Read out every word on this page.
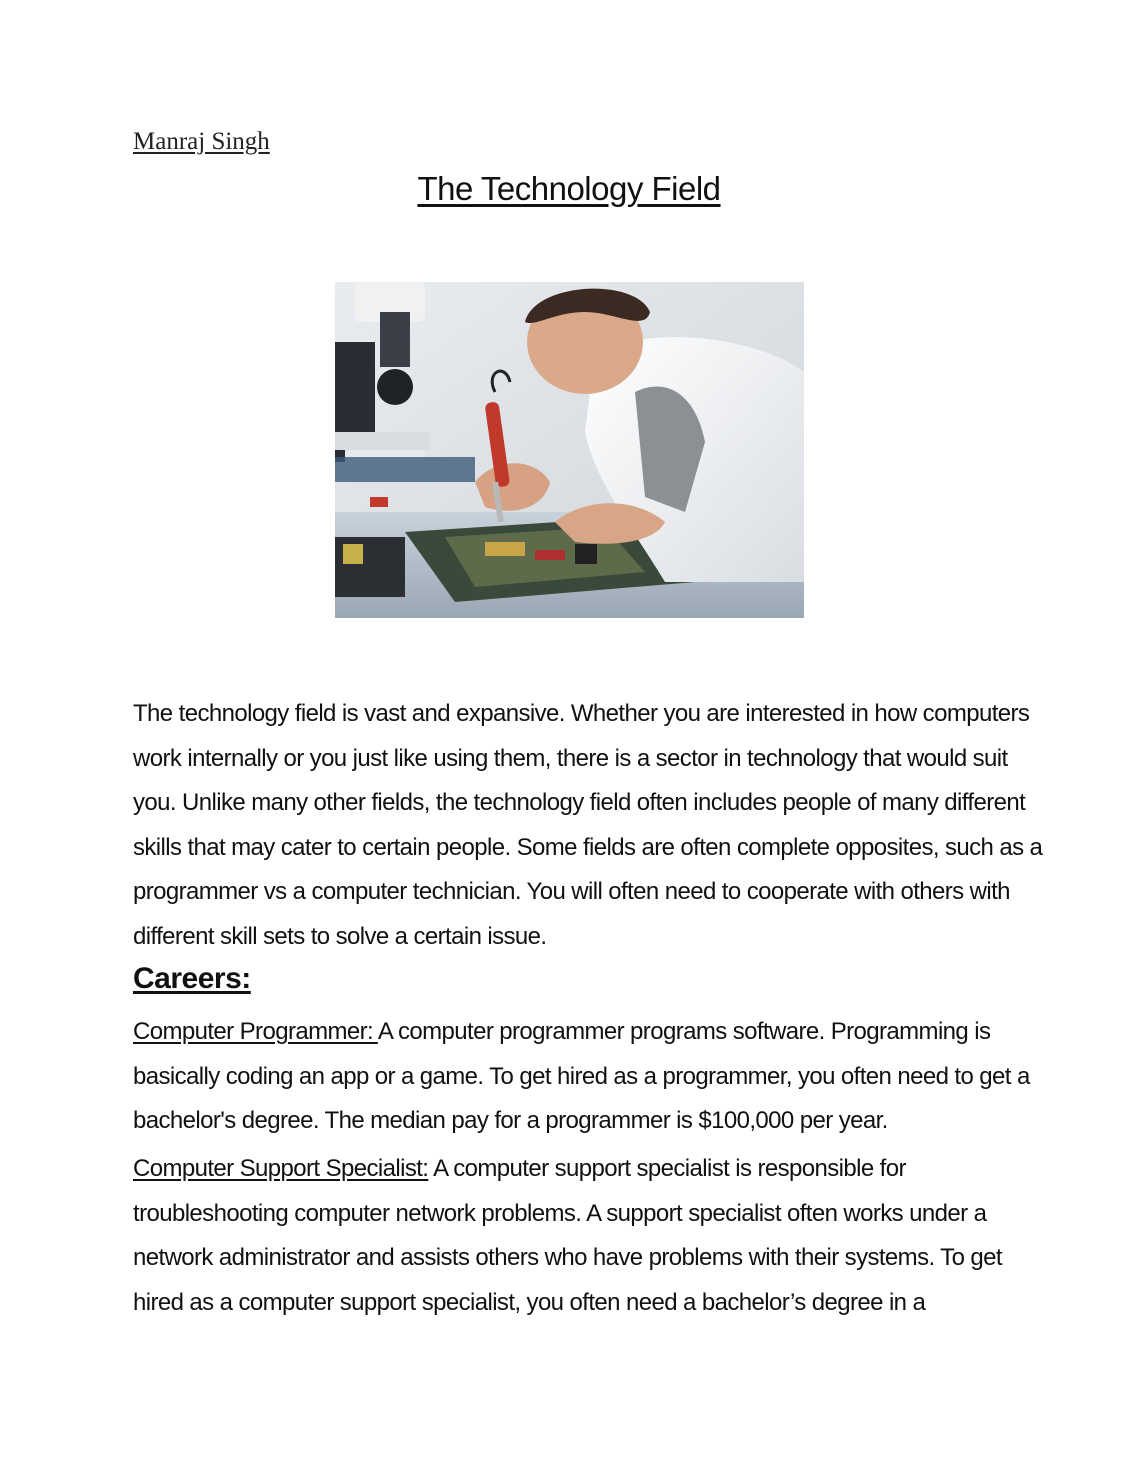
Manraj Singh
The Technology Field
The technology field is vast and expansive. Whether you are interested in how computers
work internally or you just like using them, there is a sector in technology that would suit
you. Unlike many other fields, the technology field often includes people of many different
skills that may cater to certain people. Some fields are often complete opposites, such as a
programmer vs a computer technician. You will often need to cooperate with others with
different skill sets to solve a certain issue.
Careers:
Computer Programmer: A computer programmer programs software. Programming is
basically coding an app or a game. To get hired as a programmer, you often need to get a
bachelor's degree. The median pay for a programmer is $100,000 per year.
Computer Support Specialist: A computer support specialist is responsible for
troubleshooting computer network problems. A support specialist often works under a
network administrator and assists others who have problems with their systems. To get
hired as a computer support specialist, you often need a bachelor’s degree in a
